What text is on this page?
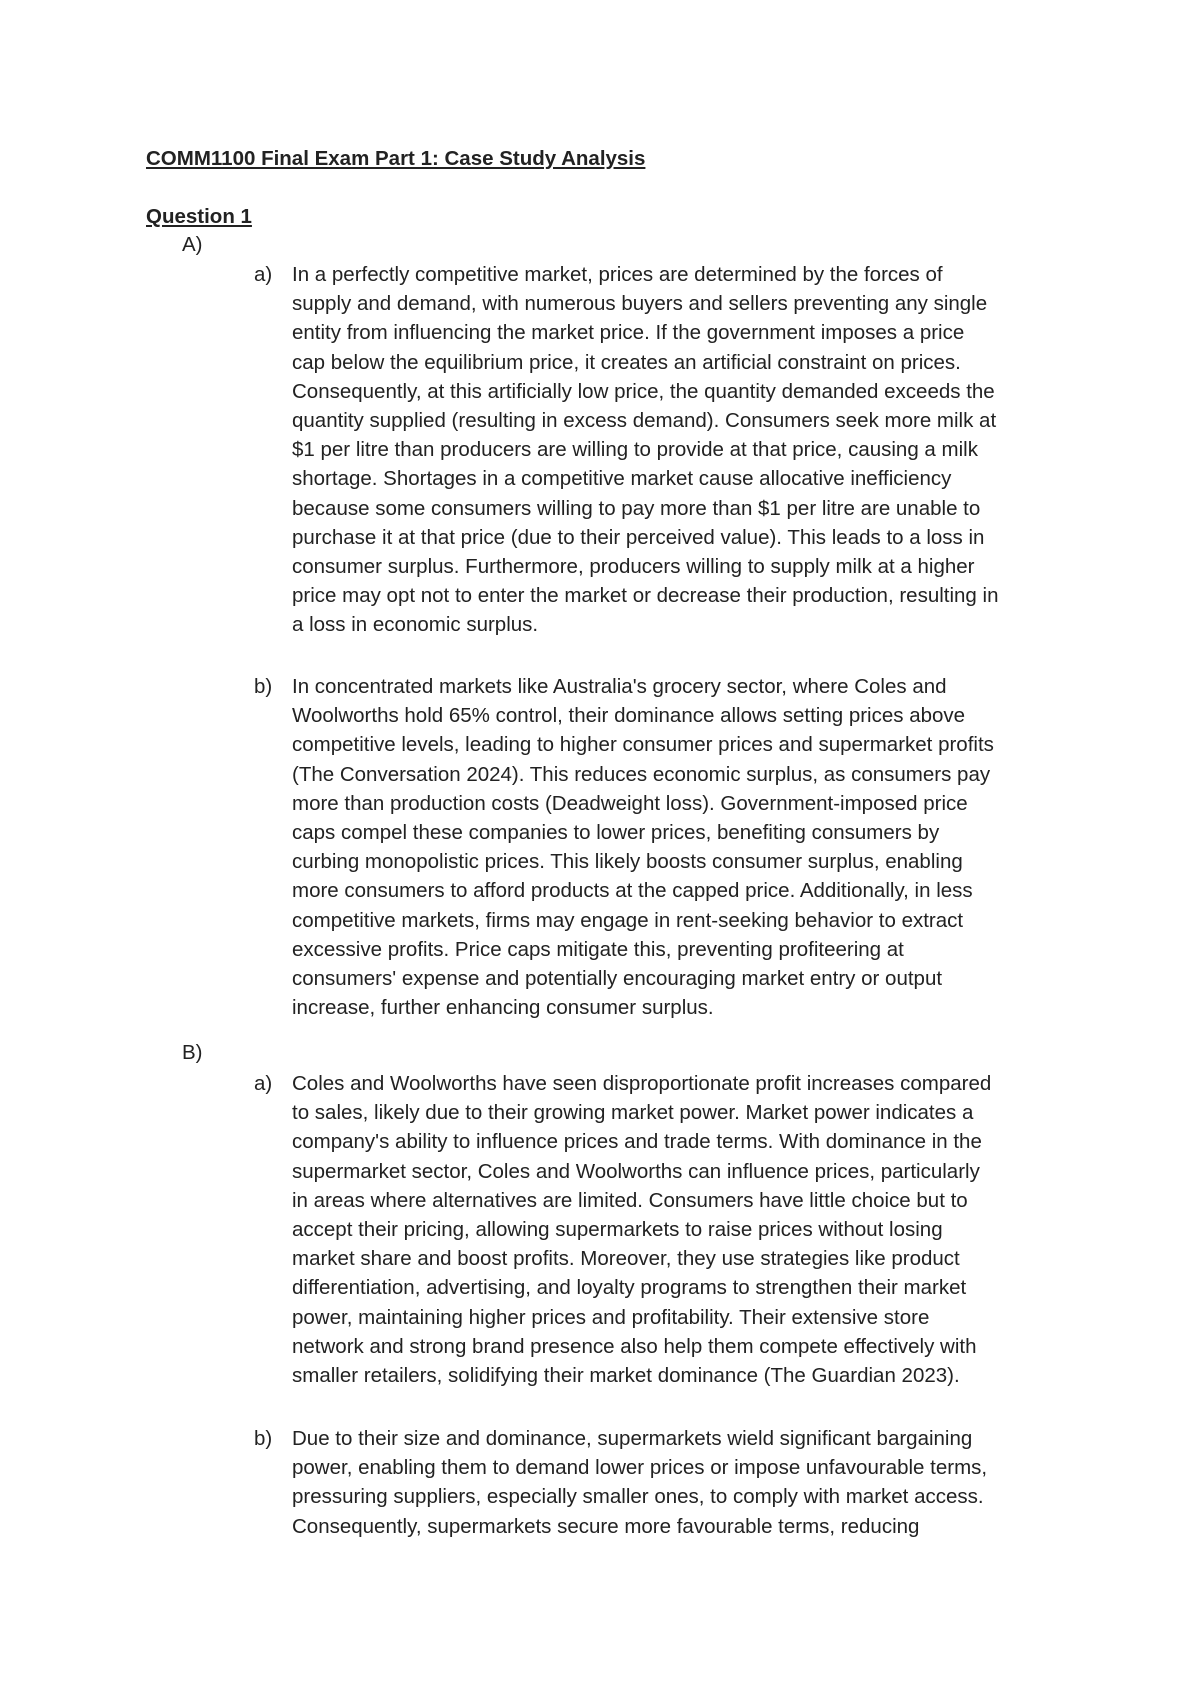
COMM1100 Final Exam Part 1: Case Study Analysis
Question 1
A)
a) In a perfectly competitive market, prices are determined by the forces of
supply and demand, with numerous buyers and sellers preventing any single
entity from influencing the market price. If the government imposes a price
cap below the equilibrium price, it creates an artificial constraint on prices.
Consequently, at this artificially low price, the quantity demanded exceeds the
quantity supplied (resulting in excess demand). Consumers seek more milk at
$1 per litre than producers are willing to provide at that price, causing a milk
shortage. Shortages in a competitive market cause allocative inefficiency
because some consumers willing to pay more than $1 per litre are unable to
purchase it at that price (due to their perceived value). This leads to a loss in
consumer surplus. Furthermore, producers willing to supply milk at a higher
price may opt not to enter the market or decrease their production, resulting in
a loss in economic surplus.
b) In concentrated markets like Australia's grocery sector, where Coles and
Woolworths hold 65% control, their dominance allows setting prices above
competitive levels, leading to higher consumer prices and supermarket profits
(The Conversation 2024). This reduces economic surplus, as consumers pay
more than production costs (Deadweight loss). Government-imposed price
caps compel these companies to lower prices, benefiting consumers by
curbing monopolistic prices. This likely boosts consumer surplus, enabling
more consumers to afford products at the capped price. Additionally, in less
competitive markets, firms may engage in rent-seeking behavior to extract
excessive profits. Price caps mitigate this, preventing profiteering at
consumers' expense and potentially encouraging market entry or output
increase, further enhancing consumer surplus.
B)
a) Coles and Woolworths have seen disproportionate profit increases compared
to sales, likely due to their growing market power. Market power indicates a
company's ability to influence prices and trade terms. With dominance in the
supermarket sector, Coles and Woolworths can influence prices, particularly
in areas where alternatives are limited. Consumers have little choice but to
accept their pricing, allowing supermarkets to raise prices without losing
market share and boost profits. Moreover, they use strategies like product
differentiation, advertising, and loyalty programs to strengthen their market
power, maintaining higher prices and profitability. Their extensive store
network and strong brand presence also help them compete effectively with
smaller retailers, solidifying their market dominance (The Guardian 2023).
b) Due to their size and dominance, supermarkets wield significant bargaining
power, enabling them to demand lower prices or impose unfavourable terms,
pressuring suppliers, especially smaller ones, to comply with market access.
Consequently, supermarkets secure more favourable terms, reducing
